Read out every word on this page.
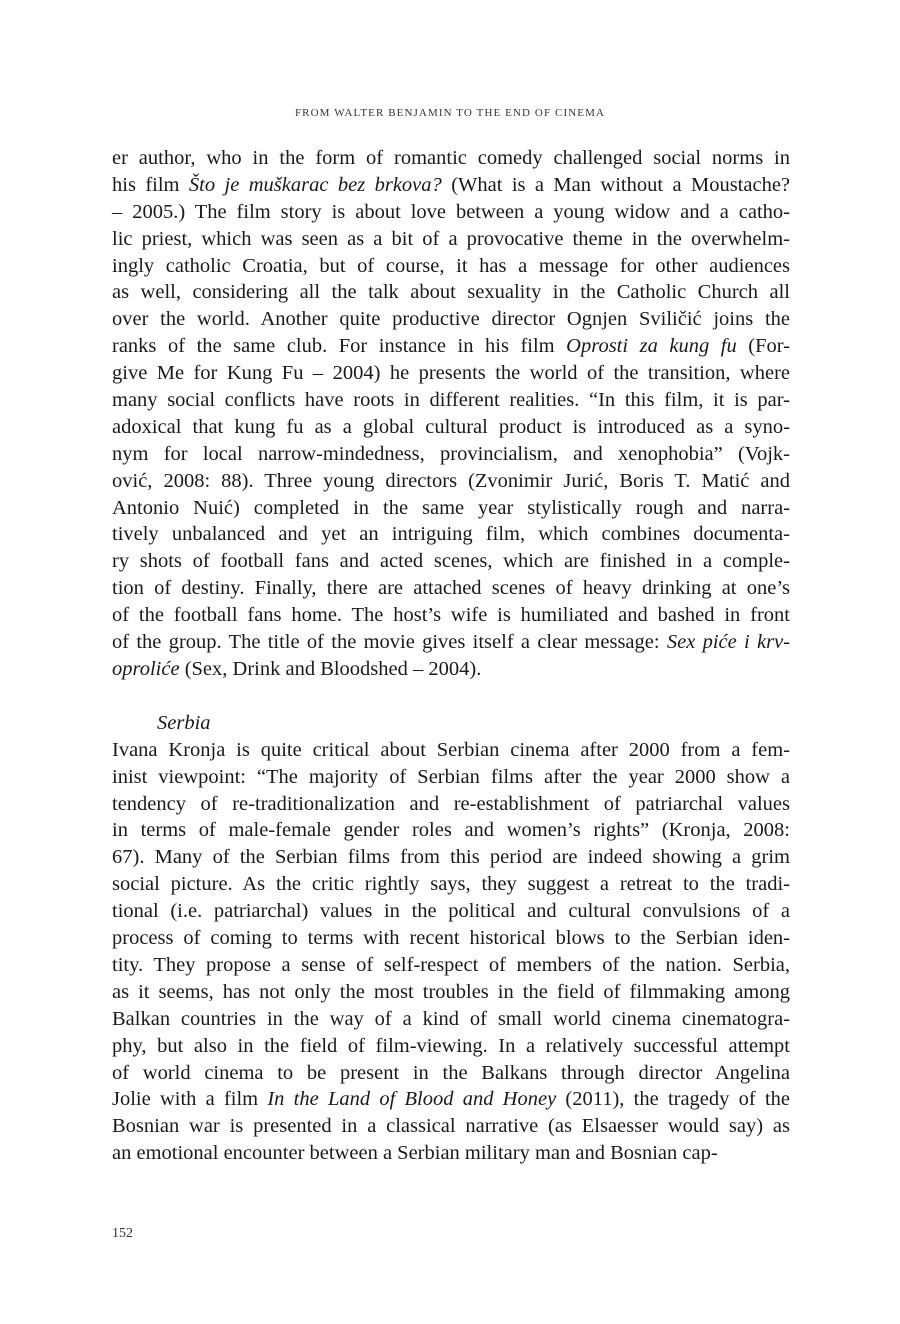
FROM WALTER BENJAMIN TO THE END OF CINEMA
er author, who in the form of romantic comedy challenged social norms in
his film Što je muškarac bez brkova? (What is a Man without a Moustache?
– 2005.) The film story is about love between a young widow and a catho-
lic priest, which was seen as a bit of a provocative theme in the overwhelm-
ingly catholic Croatia, but of course, it has a message for other audiences
as well, considering all the talk about sexuality in the Catholic Church all
over the world. Another quite productive director Ognjen Sviličić joins the
ranks of the same club. For instance in his film Oprosti za kung fu (For-
give Me for Kung Fu – 2004) he presents the world of the transition, where
many social conflicts have roots in different realities. “In this film, it is par-
adoxical that kung fu as a global cultural product is introduced as a syno-
nym for local narrow-mindedness, provincialism, and xenophobia” (Vojk-
ović, 2008: 88). Three young directors (Zvonimir Jurić, Boris T. Matić and
Antonio Nuić) completed in the same year stylistically rough and narra-
tively unbalanced and yet an intriguing film, which combines documenta-
ry shots of football fans and acted scenes, which are finished in a comple-
tion of destiny. Finally, there are attached scenes of heavy drinking at one’s
of the football fans home. The host’s wife is humiliated and bashed in front
of the group. The title of the movie gives itself a clear message: Sex piće i krv-
oproliće (Sex, Drink and Bloodshed – 2004).
Serbia
Ivana Kronja is quite critical about Serbian cinema after 2000 from a fem-
inist viewpoint: “The majority of Serbian films after the year 2000 show a
tendency of re-traditionalization and re-establishment of patriarchal values
in terms of male-female gender roles and women’s rights” (Kronja, 2008:
67). Many of the Serbian films from this period are indeed showing a grim
social picture. As the critic rightly says, they suggest a retreat to the tradi-
tional (i.e. patriarchal) values in the political and cultural convulsions of a
process of coming to terms with recent historical blows to the Serbian iden-
tity. They propose a sense of self-respect of members of the nation. Serbia,
as it seems, has not only the most troubles in the field of filmmaking among
Balkan countries in the way of a kind of small world cinema cinematogra-
phy, but also in the field of film-viewing. In a relatively successful attempt
of world cinema to be present in the Balkans through director Angelina
Jolie with a film In the Land of Blood and Honey (2011), the tragedy of the
Bosnian war is presented in a classical narrative (as Elsaesser would say) as
an emotional encounter between a Serbian military man and Bosnian cap-
152
